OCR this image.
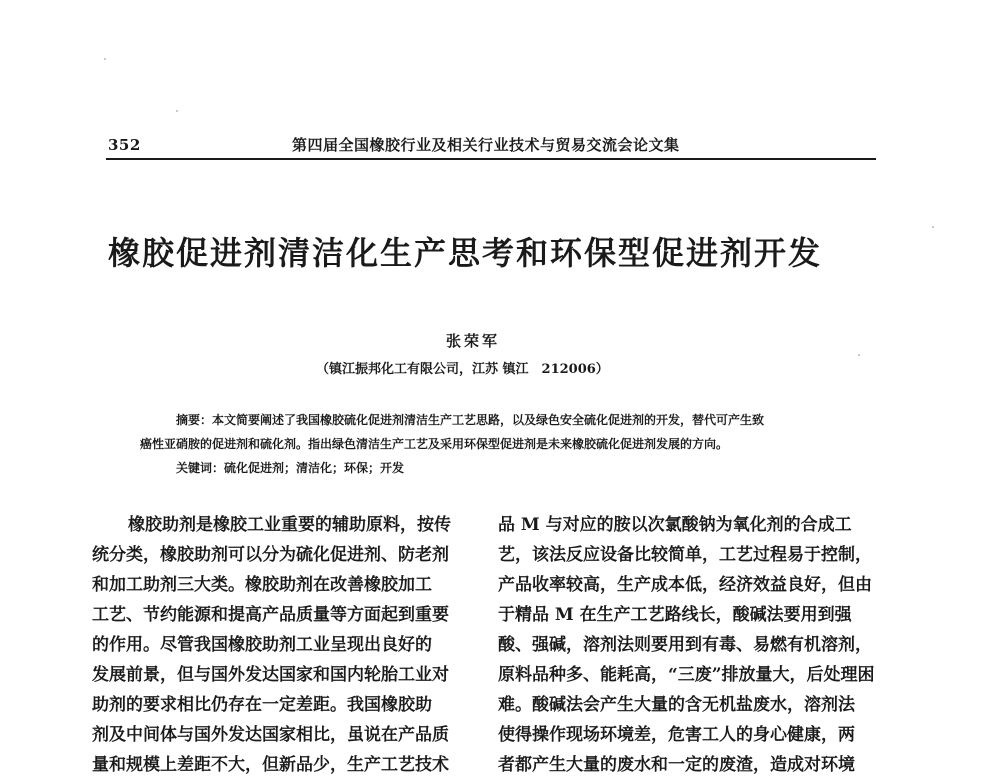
352	第四届全国橡胶行业及相关行业技术与贸易交流会论文集
橡胶促进剂清洁化生产思考和环保型促进剂开发
张荣军
（镇江振邦化工有限公司，江苏 镇江　212006）

摘要：本文简要阐述了我国橡胶硫化促进剂清洁生产工艺思路，以及绿色安全硫化促进剂的开发，替代可产生致

癌性亚硝胺的促进剂和硫化剂。指出绿色清洁生产工艺及采用环保型促进剂是未来橡胶硫化促进剂发展的方向。

关键词：硫化促进剂；清洁化；环保；开发

橡胶助剂是橡胶工业重要的辅助原料，按传
统分类，橡胶助剂可以分为硫化促进剂、防老剂
和加工助剂三大类。橡胶助剂在改善橡胶加工
工艺、节约能源和提高产品质量等方面起到重要
的作用。尽管我国橡胶助剂工业呈现出良好的
发展前景，但与国外发达国家和国内轮胎工业对
助剂的要求相比仍存在一定差距。我国橡胶助
剂及中间体与国外发达国家相比，虽说在产品质
量和规模上差距不大，但新品少，生产工艺技术
品 M 与对应的胺以次氯酸钠为氧化剂的合成工
艺，该法反应设备比较简单，工艺过程易于控制，
产品收率较高，生产成本低，经济效益良好，但由
于精品 M 在生产工艺路线长，酸碱法要用到强
酸、强碱，溶剂法则要用到有毒、易燃有机溶剂，
原料品种多、能耗高，“三废”排放量大，后处理困
难。酸碱法会产生大量的含无机盐废水，溶剂法
使得操作现场环境差，危害工人的身心健康，两
者都产生大量的废水和一定的废渣，造成对环境
